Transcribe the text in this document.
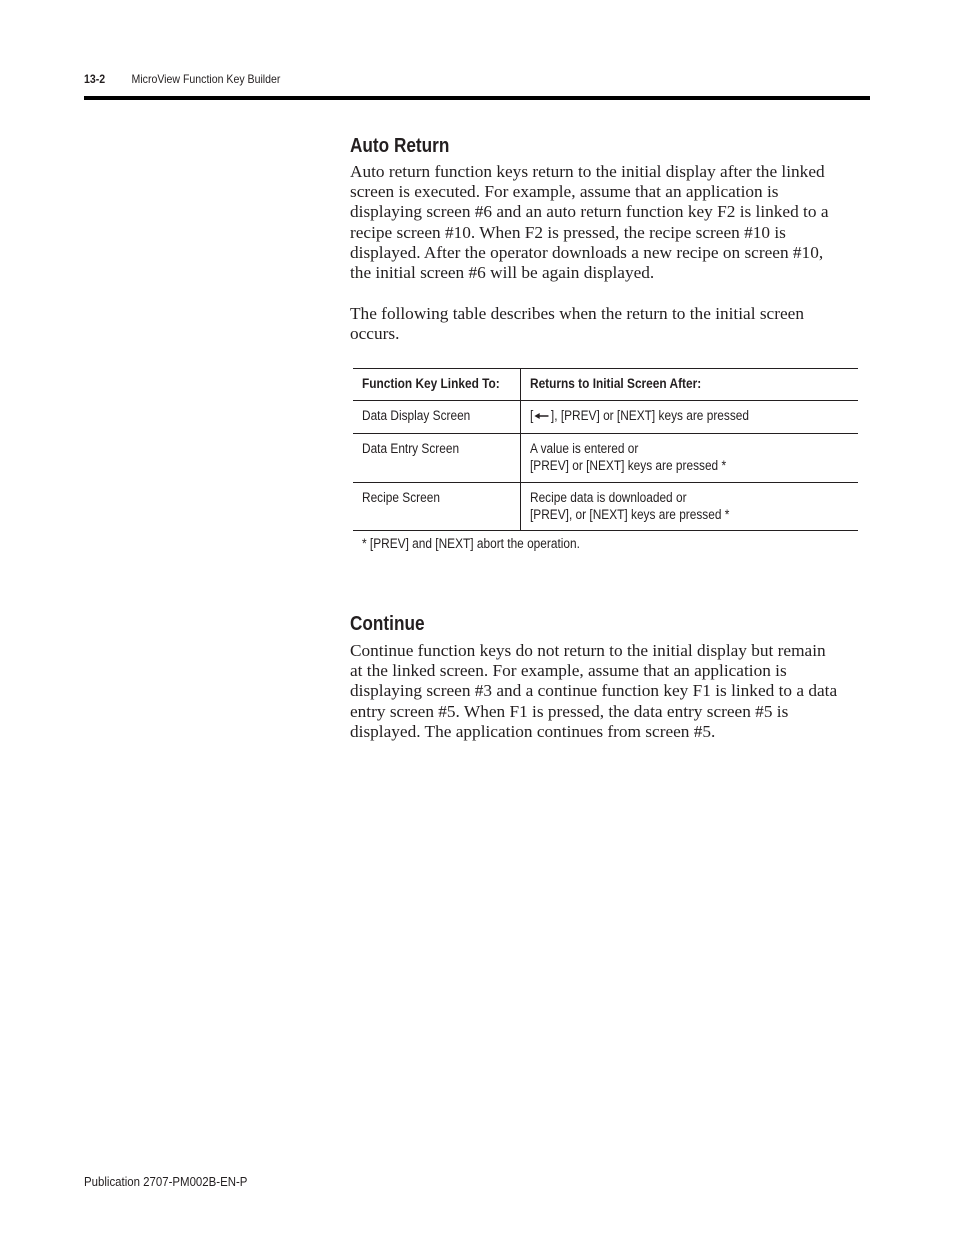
13-2 MicroView Function Key Builder
Auto Return

Auto return function keys return to the initial display after the linked
screen is executed. For example, assume that an application is
displaying screen #6 and an auto return function key F2 is linked to a
recipe screen #10. When F2 is pressed, the recipe screen #10 is
displayed. After the operator downloads a new recipe on screen #10,
the initial screen #6 will be again displayed.

The following table describes when the return to the initial screen
occurs.

Function Key Linked To:	Returns to Initial Screen After:
Data Display Screen	[ ], [PREV] or [NEXT] keys are pressed
Data Entry Screen	A value is entered or
[PREV] or [NEXT] keys are pressed *
Recipe Screen	Recipe data is downloaded or
[PREV], or [NEXT] keys are pressed *
* [PREV] and [NEXT] abort the operation.
Continue

Continue function keys do not return to the initial display but remain
at the linked screen. For example, assume that an application is
displaying screen #3 and a continue function key F1 is linked to a data
entry screen #5. When F1 is pressed, the data entry screen #5 is
displayed. The application continues from screen #5.

Publication 2707-PM002B-EN-P
